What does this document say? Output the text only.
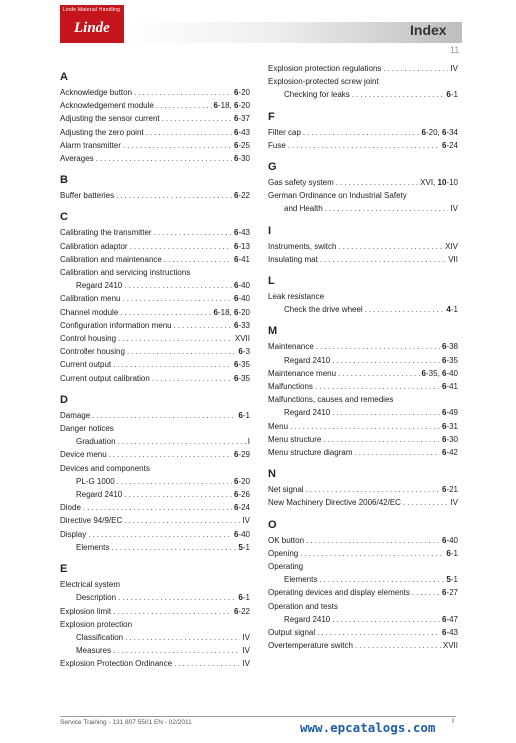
Linde Material Handling
Linde	Index
11
A
Acknowledge button .....	6-20
Acknowledgement module .....	6-18, 6-20
Adjusting the sensor current .....	6-37
Adjusting the zero point .....	6-43
Alarm transmitter .....	6-25
Averages .....	6-30
B
Buffer batteries .....	6-22
C
Calibrating the transmitter .....	6-43
Calibration adaptor .....	6-13
Calibration and maintenance .....	6-41
Calibration and servicing instructions
Regard 2410 .....	6-40
Calibration menu .....	6-40
Channel module .....	6-18, 6-20
Configuration information menu .....	6-33
Control housing .....	XVII
Controller housing .....	6-3
Current output .....	6-35
Current output calibration .....	6-35
D
Damage .....	6-1
Danger notices
Graduation .....	I
Device menu .....	6-29
Devices and components
PL-G 1000 .....	6-20
Regard 2410 .....	6-26
Diode .....	6-24
Directive 94/9/EC .....	IV
Display .....	6-40
Elements .....	5-1
E
Electrical system
Description .....	6-1
Explosion limit .....	6-22
Explosion protection
Classification .....	IV
Measures .....	IV
Explosion Protection Ordinance .....	IV
Explosion protection regulations .....	IV
Explosion-protected screw joint
Checking for leaks .....	6-1
F
Filter cap .....	6-20, 6-34
Fuse .....	6-24
G
Gas safety system .....	XVI, 10-10
German Ordinance on Industrial Safety
and Health .....	IV
I
Instruments, switch .....	XIV
Insulating mat .....	VII
L
Leak resistance
Check the drive wheel .....	4-1
M
Maintenance .....	6-38
Regard 2410 .....	6-35
Maintenance menu .....	6-35, 6-40
Malfunctions .....	6-41
Malfunctions, causes and remedies
Regard 2410 .....	6-49
Menu .....	6-31
Menu structure .....	6-30
Menu structure diagram .....	6-42
N
Net signal .....	6-21
New Machinery Directive 2006/42/EC .....	IV
O
OK button .....	6-40
Opening .....	6-1
Operating
Elements .....	5-1
Operating devices and display elements .....	6-27
Operation and tests
Regard 2410 .....	6-47
Output signal .....	6-43
Overtemperature switch .....	XVII
Service Training - 131 807 5501 EN - 02/2011	I
www.epcatalogs.com
